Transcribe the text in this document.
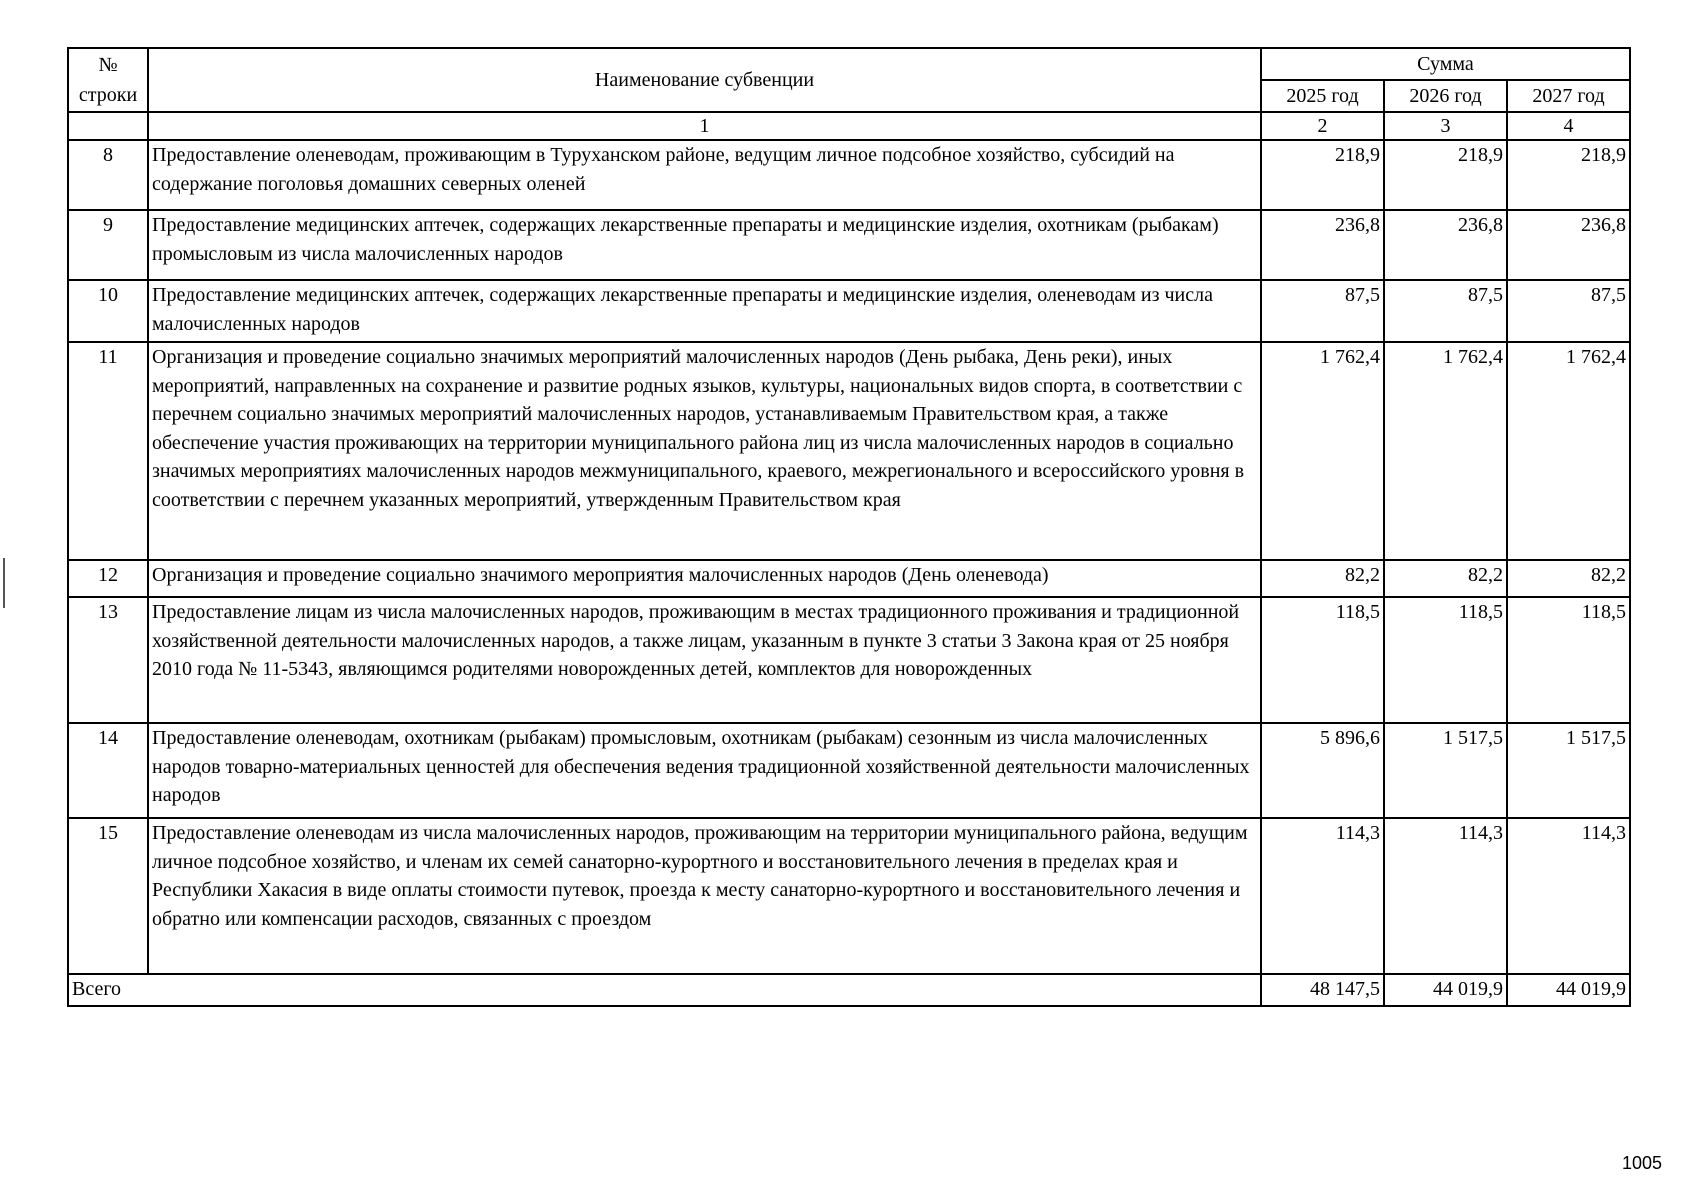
№
строки	Наименование субвенции	Сумма		
		2025 год	2026 год	2027 год
	1	2	3	4
8	Предоставление оленеводам, проживающим в Туруханском районе, ведущим личное подсобное хозяйство, субсидий на содержание поголовья домашних северных оленей	218,9	218,9	218,9
9	Предоставление медицинских аптечек, содержащих лекарственные препараты и медицинские изделия, охотникам (рыбакам) промысловым из числа малочисленных народов	236,8	236,8	236,8
10	Предоставление медицинских аптечек, содержащих лекарственные препараты и медицинские изделия, оленеводам из числа малочисленных народов	87,5	87,5	87,5
11	Организация и проведение социально значимых мероприятий малочисленных народов (День рыбака, День реки), иных мероприятий, направленных на сохранение и развитие родных языков, культуры, национальных видов спорта, в соответствии с перечнем социально значимых мероприятий малочисленных народов, устанавливаемым Правительством края, а также обеспечение участия проживающих на территории муниципального района лиц из числа малочисленных народов в социально значимых мероприятиях малочисленных народов межмуниципального, краевого, межрегионального и всероссийского уровня в соответствии с перечнем указанных мероприятий, утвержденным Правительством края	1 762,4	1 762,4	1 762,4
12	Организация и проведение социально значимого мероприятия малочисленных народов (День оленевода)	82,2	82,2	82,2
13	Предоставление лицам из числа малочисленных народов, проживающим в местах традиционного проживания и традиционной хозяйственной деятельности малочисленных народов, а также лицам, указанным в пункте 3 статьи 3 Закона края от 25 ноября 2010 года № 11-5343, являющимся родителями новорожденных детей, комплектов для новорожденных	118,5	118,5	118,5
14	Предоставление оленеводам, охотникам (рыбакам) промысловым, охотникам (рыбакам) сезонным из числа малочисленных народов товарно-материальных ценностей для обеспечения ведения традиционной хозяйственной деятельности малочисленных народов	5 896,6	1 517,5	1 517,5
15	Предоставление оленеводам из числа малочисленных народов, проживающим на территории муниципального района, ведущим личное подсобное хозяйство, и членам их семей санаторно-курортного и восстановительного лечения в пределах края и Республики Хакасия в виде оплаты стоимости путевок, проезда к месту санаторно-курортного и восстановительного лечения и обратно или компенсации расходов, связанных с проездом	114,3	114,3	114,3
Всего		48 147,5	44 019,9	44 019,9
1005
